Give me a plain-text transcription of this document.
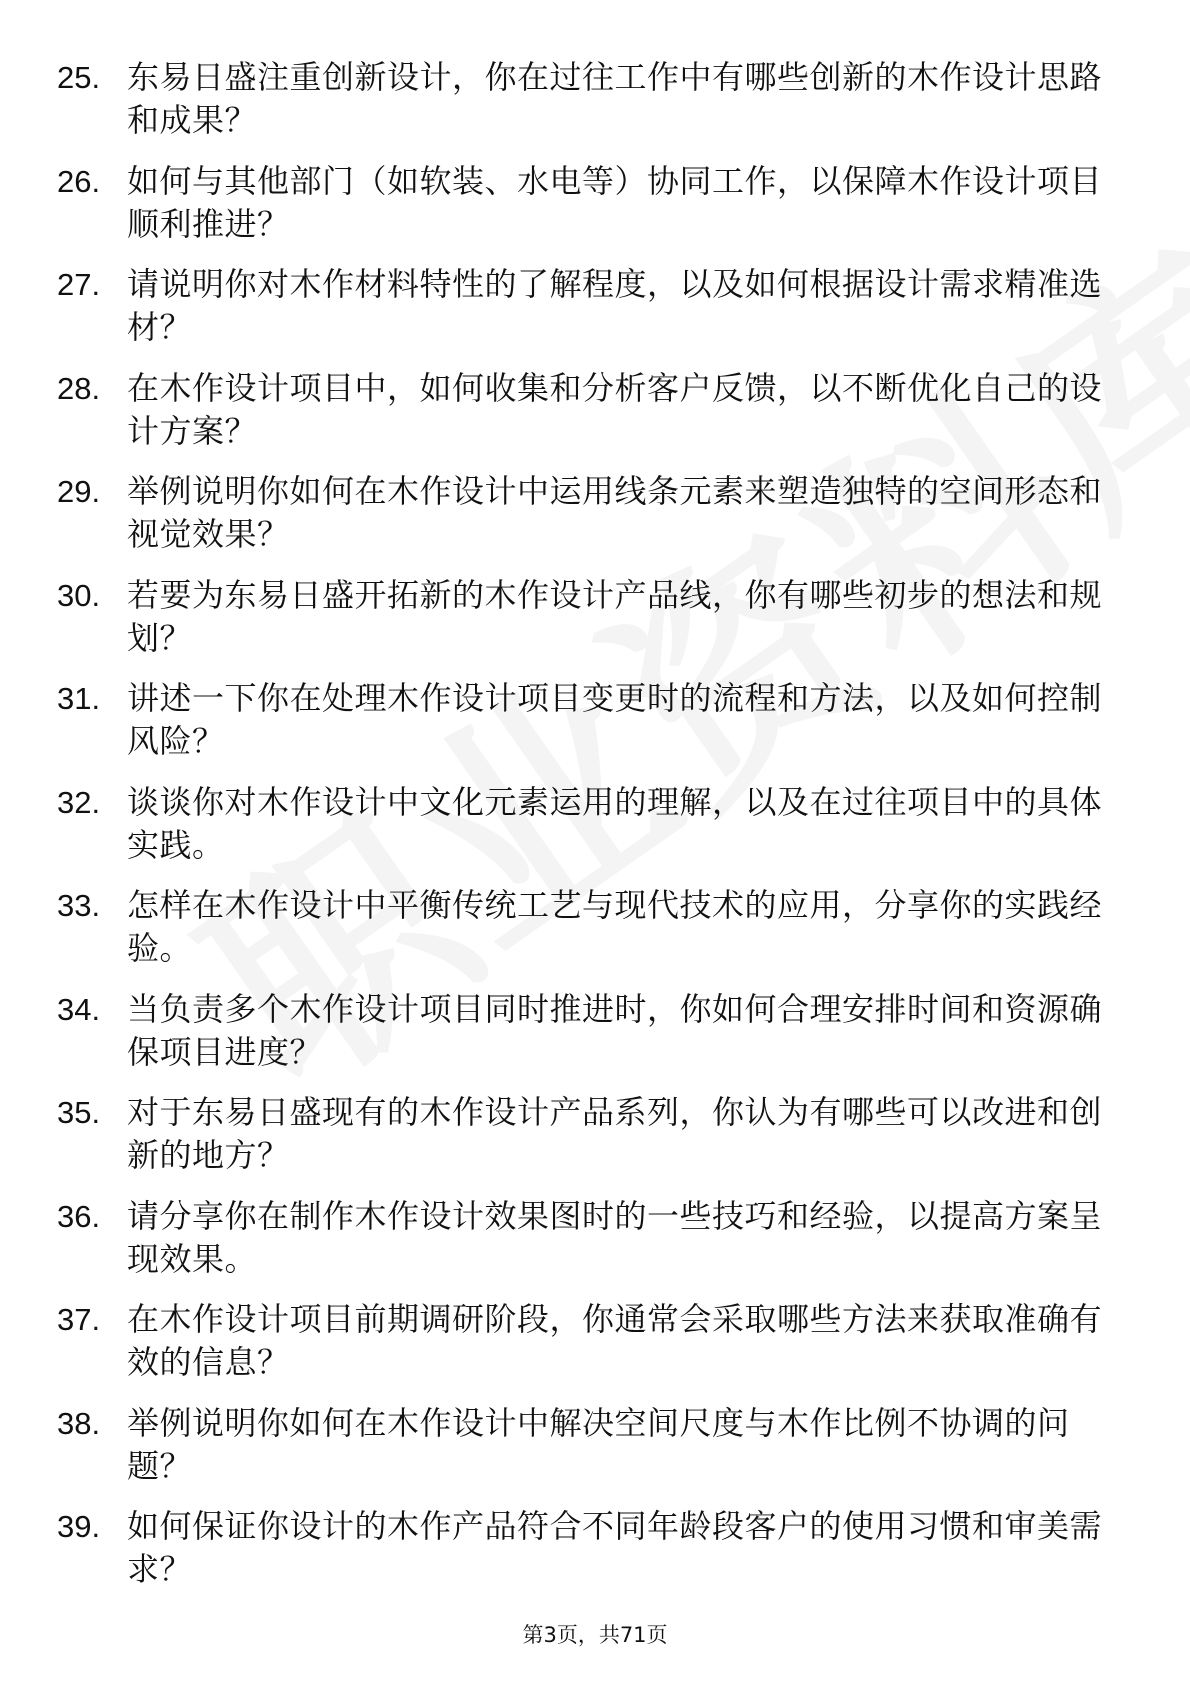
25. 东易日盛注重创新设计，你在过往工作中有哪些创新的木作设计思路和成果？
26. 如何与其他部门（如软装、水电等）协同工作，以保障木作设计项目顺利推进？
27. 请说明你对木作材料特性的了解程度，以及如何根据设计需求精准选材？
28. 在木作设计项目中，如何收集和分析客户反馈，以不断优化自己的设计方案？
29. 举例说明你如何在木作设计中运用线条元素来塑造独特的空间形态和视觉效果？
30. 若要为东易日盛开拓新的木作设计产品线，你有哪些初步的想法和规划？
31. 讲述一下你在处理木作设计项目变更时的流程和方法，以及如何控制风险？
32. 谈谈你对木作设计中文化元素运用的理解，以及在过往项目中的具体实践。
33. 怎样在木作设计中平衡传统工艺与现代技术的应用，分享你的实践经验。
34. 当负责多个木作设计项目同时推进时，你如何合理安排时间和资源确保项目进度？
35. 对于东易日盛现有的木作设计产品系列，你认为有哪些可以改进和创新的地方？
36. 请分享你在制作木作设计效果图时的一些技巧和经验，以提高方案呈现效果。
37. 在木作设计项目前期调研阶段，你通常会采取哪些方法来获取准确有效的信息？
38. 举例说明你如何在木作设计中解决空间尺度与木作比例不协调的问题？
39. 如何保证你设计的木作产品符合不同年龄段客户的使用习惯和审美需求？
第3页，共71页
